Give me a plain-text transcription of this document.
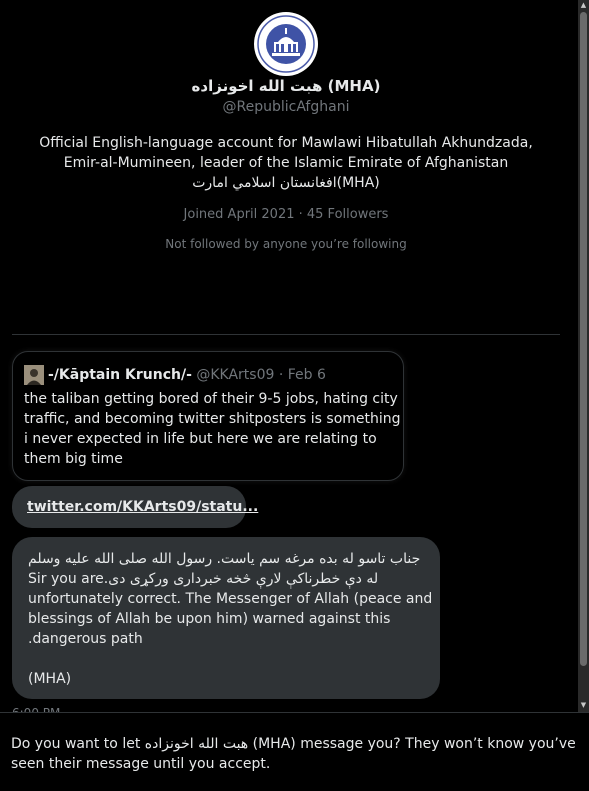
هبت الله اخونزاده (MHA)
@RepublicAfghani
Official English-language account for Mawlawi Hibatullah Akhundzada,
Emir-al-Mumineen, leader of the Islamic Emirate of Afghanistan
افغانستان اسلامي امارت(MHA)
Joined April 2021 · 45 Followers
Not followed by anyone you’re following
-/Kāptain Krunch/- @KKArts09 · Feb 6
the taliban getting bored of their 9-5 jobs, hating city
traffic, and becoming twitter shitposters is something
i never expected in life but here we are relating to
them big time
twitter.com/KKArts09/statu...
جناب تاسو له بده مرغه سم یاست. رسول الله صلی الله علیه وسلم
Sir you are.له دې خطرناکې لارې څخه خبرداری ورکړی دی
unfortunately correct. The Messenger of Allah (peace and
blessings of Allah be upon him) warned against this
.dangerous path
(MHA)
▲
▼
Do you want to let هبت الله اخونزاده (MHA) message you? They won’t know you’ve seen their message until you accept.
